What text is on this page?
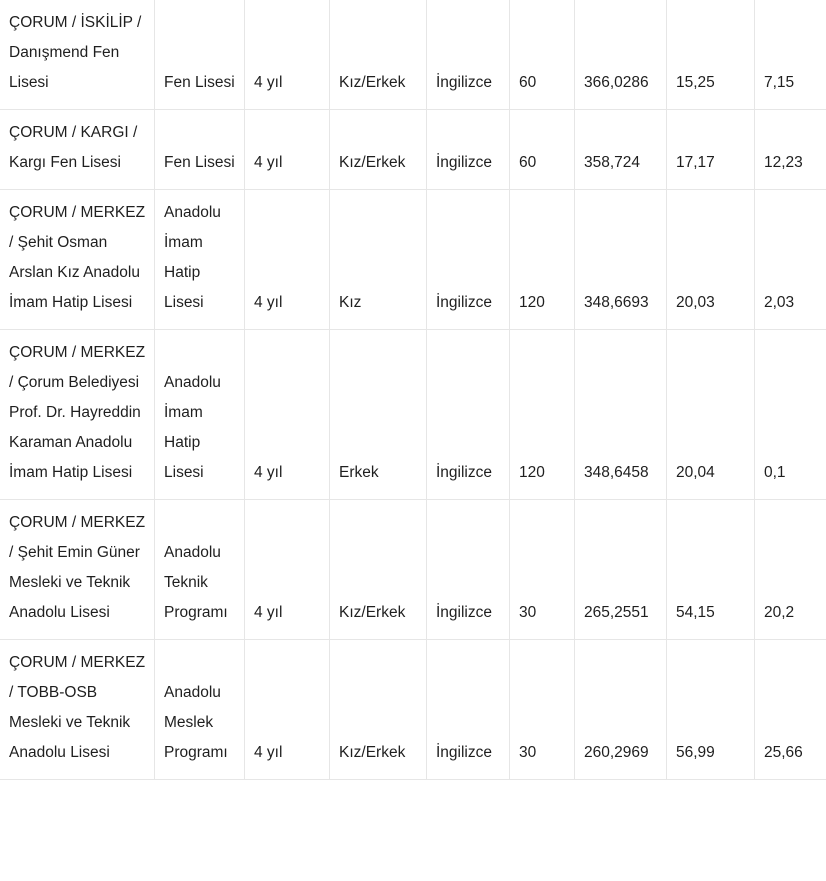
ÇORUM / İSKİLİP / Danışmend Fen Lisesi	Fen Lisesi	4 yıl	Kız/Erkek	İngilizce	60	366,0286	15,25	7,15
ÇORUM / KARGI / Kargı Fen Lisesi	Fen Lisesi	4 yıl	Kız/Erkek	İngilizce	60	358,724	17,17	12,23
ÇORUM / MERKEZ / Şehit Osman Arslan Kız Anadolu İmam Hatip Lisesi	Anadolu İmam Hatip Lisesi	4 yıl	Kız	İngilizce	120	348,6693	20,03	2,03
ÇORUM / MERKEZ / Çorum Belediyesi Prof. Dr. Hayreddin Karaman Anadolu İmam Hatip Lisesi	Anadolu İmam Hatip Lisesi	4 yıl	Erkek	İngilizce	120	348,6458	20,04	0,1
ÇORUM / MERKEZ / Şehit Emin Güner Mesleki ve Teknik Anadolu Lisesi	Anadolu Teknik Programı	4 yıl	Kız/Erkek	İngilizce	30	265,2551	54,15	20,2
ÇORUM / MERKEZ / TOBB-OSB Mesleki ve Teknik Anadolu Lisesi	Anadolu Meslek Programı	4 yıl	Kız/Erkek	İngilizce	30	260,2969	56,99	25,66
